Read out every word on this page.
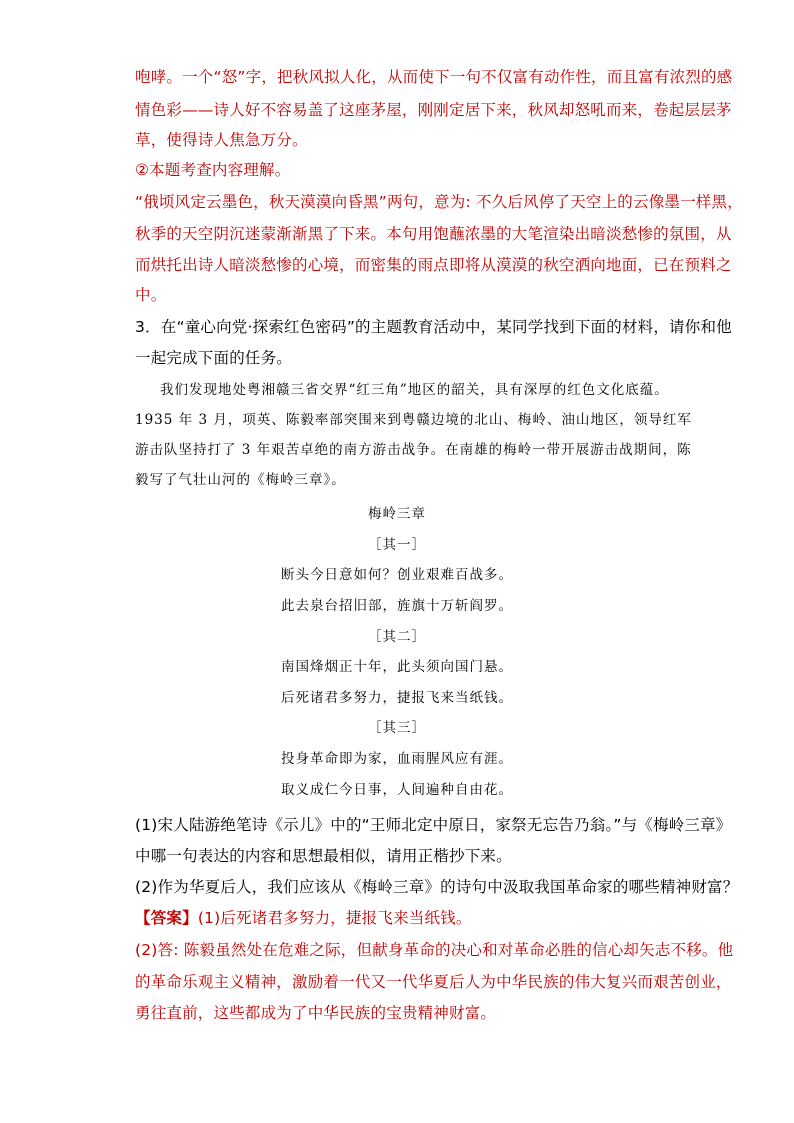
咆哮。一个“怒”字，把秋风拟人化，从而使下一句不仅富有动作性，而且富有浓烈的感
情色彩——诗人好不容易盖了这座茅屋，刚刚定居下来，秋风却怒吼而来，卷起层层茅
草，使得诗人焦急万分。
②本题考查内容理解。
“俄顷风定云墨色，秋天漠漠向昏黑”两句，意为: 不久后风停了天空上的云像墨一样黑，
秋季的天空阴沉迷蒙渐渐黑了下来。本句用饱蘸浓墨的大笔渲染出暗淡愁惨的氛围，从
而烘托出诗人暗淡愁惨的心境，而密集的雨点即将从漠漠的秋空洒向地面，已在预料之
中。
3．在“童心向党·探索红色密码”的主题教育活动中，某同学找到下面的材料，请你和他
一起完成下面的任务。
我们发现地处粤湘赣三省交界“红三角”地区的韶关，具有深厚的红色文化底蕴。
1935 年 3 月，项英、陈毅率部突围来到粤赣边境的北山、梅岭、油山地区，领导红军
游击队坚持打了 3 年艰苦卓绝的南方游击战争。在南雄的梅岭一带开展游击战期间，陈
毅写了气壮山河的《梅岭三章》。
梅岭三章
［其一］
断头今日意如何？创业艰难百战多。
此去泉台招旧部，旌旗十万斩阎罗。
［其二］
南国烽烟正十年，此头须向国门悬。
后死诸君多努力，捷报飞来当纸钱。
［其三］
投身革命即为家，血雨腥风应有涯。
取义成仁今日事，人间遍种自由花。
(1)宋人陆游绝笔诗《示儿》中的“王师北定中原日，家祭无忘告乃翁。”与《梅岭三章》
中哪一句表达的内容和思想最相似，请用正楷抄下来。
(2)作为华夏后人，我们应该从《梅岭三章》的诗句中汲取我国革命家的哪些精神财富？
【答案】(1)后死诸君多努力，捷报飞来当纸钱。
(2)答: 陈毅虽然处在危难之际，但献身革命的决心和对革命必胜的信心却矢志不移。他
的革命乐观主义精神，激励着一代又一代华夏后人为中华民族的伟大复兴而艰苦创业，
勇往直前，这些都成为了中华民族的宝贵精神财富。
